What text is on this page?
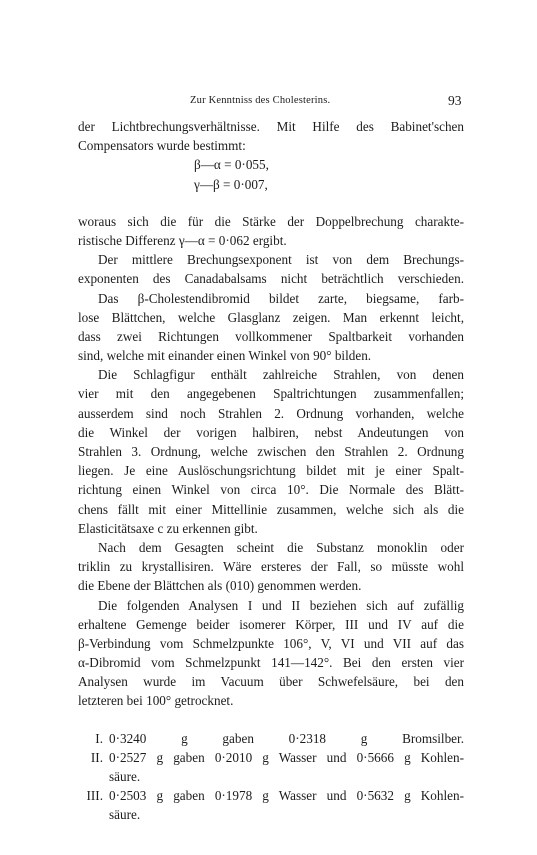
Zur Kenntniss des Cholesterins.	93
der Lichtbrechungsverhältnisse. Mit Hilfe des Babinet'schen
Compensators wurde bestimmt:
β—α = 0·055,
γ—β = 0·007,
woraus sich die für die Stärke der Doppelbrechung charakte-
ristische Differenz γ—α = 0·062 ergibt.
Der mittlere Brechungsexponent ist von dem Brechungs-
exponenten des Canadabalsams nicht beträchtlich verschieden.
Das β-Cholestendibromid bildet zarte, biegsame, farb-
lose Blättchen, welche Glasglanz zeigen. Man erkennt leicht,
dass zwei Richtungen vollkommener Spaltbarkeit vorhanden
sind, welche mit einander einen Winkel von 90° bilden.
Die Schlagfigur enthält zahlreiche Strahlen, von denen
vier mit den angegebenen Spaltrichtungen zusammenfallen;
ausserdem sind noch Strahlen 2. Ordnung vorhanden, welche
die Winkel der vorigen halbiren, nebst Andeutungen von
Strahlen 3. Ordnung, welche zwischen den Strahlen 2. Ordnung
liegen. Je eine Auslöschungsrichtung bildet mit je einer Spalt-
richtung einen Winkel von circa 10°. Die Normale des Blätt-
chens fällt mit einer Mittellinie zusammen, welche sich als die
Elasticitätsaxe c zu erkennen gibt.
Nach dem Gesagten scheint die Substanz monoklin oder
triklin zu krystallisiren. Wäre ersteres der Fall, so müsste wohl
die Ebene der Blättchen als (010) genommen werden.
Die folgenden Analysen I und II beziehen sich auf zufällig
erhaltene Gemenge beider isomerer Körper, III und IV auf die
β-Verbindung vom Schmelzpunkte 106°, V, VI und VII auf das
α-Dibromid vom Schmelzpunkt 141—142°. Bei den ersten vier
Analysen wurde im Vacuum über Schwefelsäure, bei den
letzteren bei 100° getrocknet.
I. 0·3240 g gaben 0·2318 g Bromsilber.
II. 0·2527 g gaben 0·2010 g Wasser und 0·5666 g Kohlen-
säure.
III. 0·2503 g gaben 0·1978 g Wasser und 0·5632 g Kohlen-
säure.
